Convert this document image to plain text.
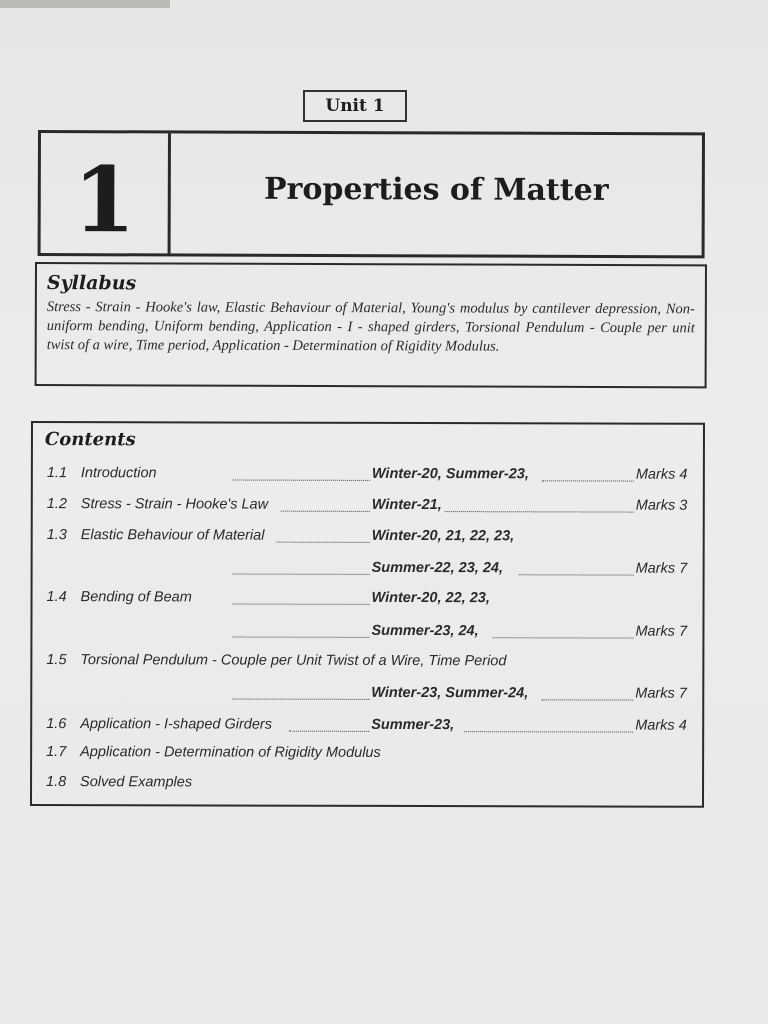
Unit 1
1	Properties of Matter
Syllabus
Stress - Strain - Hooke's law, Elastic Behaviour of Material, Young's modulus by cantilever depression, Non-uniform bending, Uniform bending, Application - I - shaped girders, Torsional Pendulum - Couple per unit twist of a wire, Time period, Application - Determination of Rigidity Modulus.
Contents
1.1 Introduction	Winter-20, Summer-23,	Marks 4
1.2 Stress - Strain - Hooke's Law	Winter-21,	Marks 3
1.3 Elastic Behaviour of Material	Winter-20, 21, 22, 23,
Summer-22, 23, 24,	Marks 7
1.4 Bending of Beam	Winter-20, 22, 23,
Summer-23, 24,	Marks 7
1.5 Torsional Pendulum - Couple per Unit Twist of a Wire, Time Period
Winter-23, Summer-24,	Marks 7
1.6 Application - I-shaped Girders	Summer-23,	Marks 4
1.7 Application - Determination of Rigidity Modulus
1.8 Solved Examples
